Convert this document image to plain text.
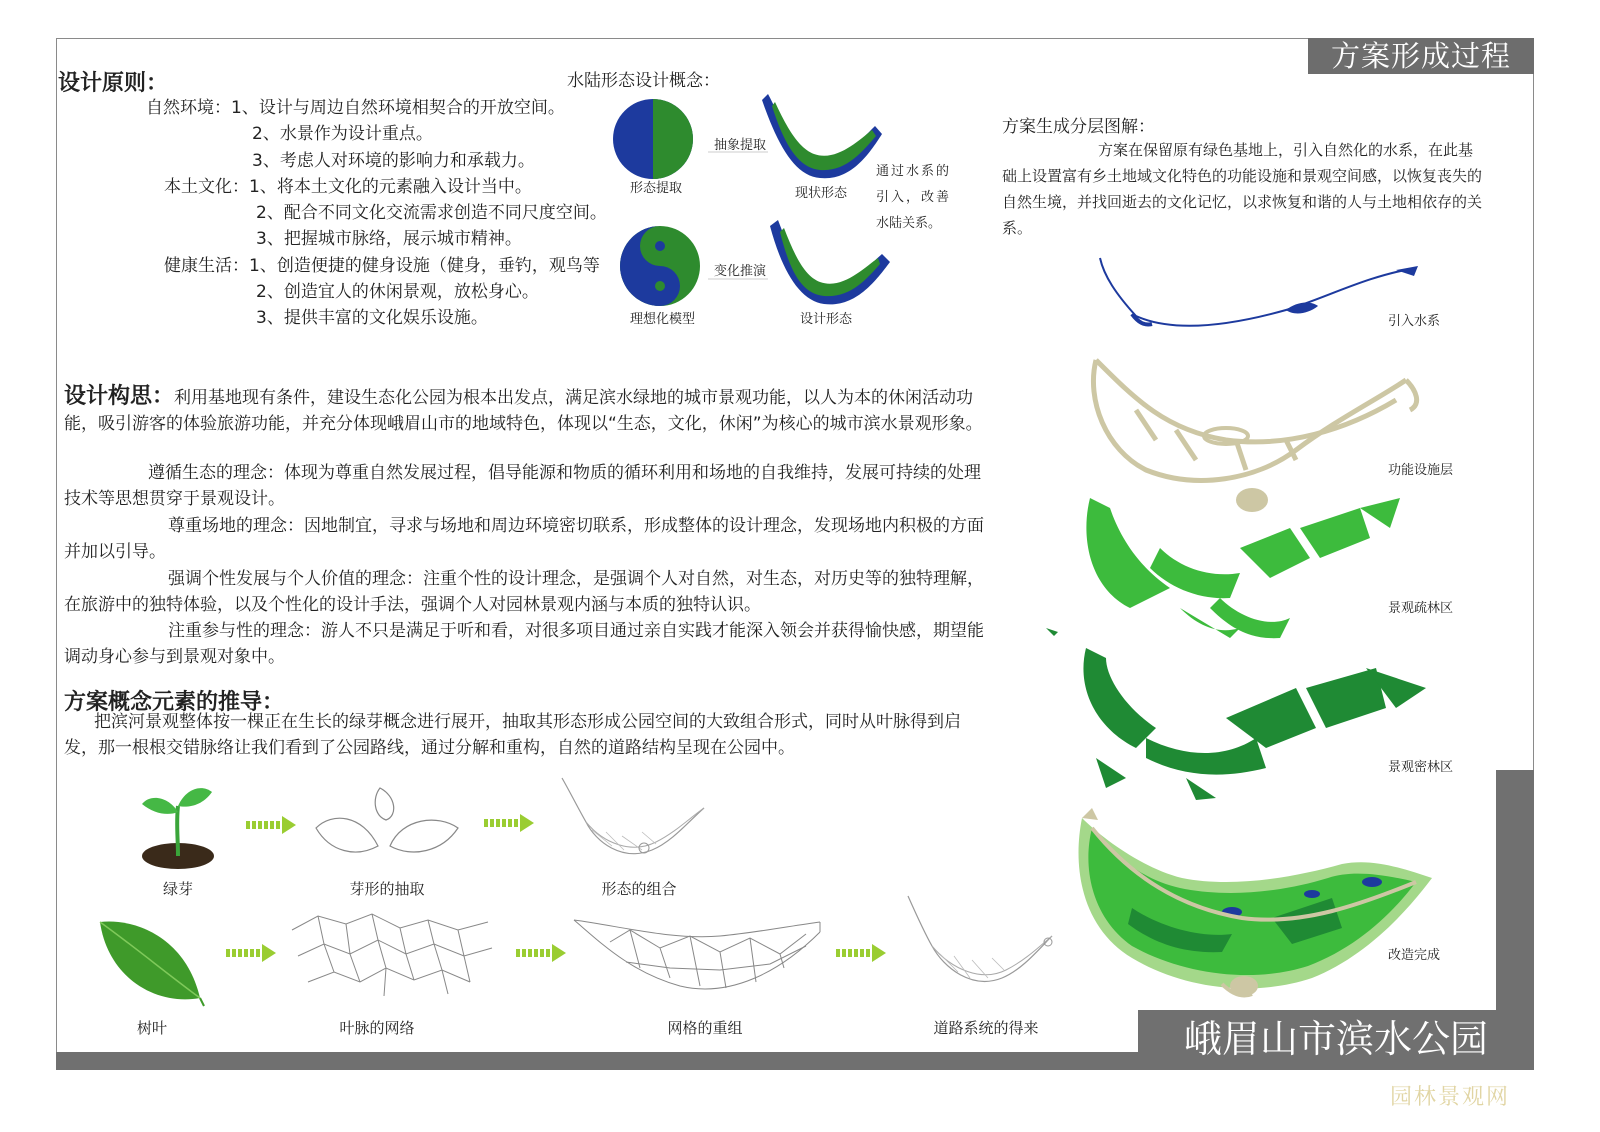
方案形成过程
峨眉山市滨水公园
园林景观网
设计原则：
自然环境：1、设计与周边自然环境相契合的开放空间。
2、水景作为设计重点。
3、考虑人对环境的影响力和承载力。
本土文化：1、将本土文化的元素融入设计当中。
2、配合不同文化交流需求创造不同尺度空间。
3、把握城市脉络，展示城市精神。
健康生活：1、创造便捷的健身设施（健身，垂钓，观鸟等
2、创造宜人的休闲景观，放松身心。
3、提供丰富的文化娱乐设施。
水陆形态设计概念：
抽象提取
形态提取	现状形态
变化推演
理想化模型	设计形态
通过水系的
引入，改善
水陆关系。
设计构思：利用基地现有条件，建设生态化公园为根本出发点，满足滨水绿地的城市景观功能，以人为本的休闲活动功能，吸引游客的体验旅游功能，并充分体现峨眉山市的地域特色，体现以“生态，文化，休闲”为核心的城市滨水景观形象。
遵循生态的理念：体现为尊重自然发展过程，倡导能源和物质的循环利用和场地的自我维持，发展可持续的处理技术等思想贯穿于景观设计。
尊重场地的理念：因地制宜，寻求与场地和周边环境密切联系，形成整体的设计理念，发现场地内积极的方面并加以引导。
强调个性发展与个人价值的理念：注重个性的设计理念，是强调个人对自然，对生态，对历史等的独特理解，在旅游中的独特体验，以及个性化的设计手法，强调个人对园林景观内涵与本质的独特认识。
注重参与性的理念：游人不只是满足于听和看，对很多项目通过亲自实践才能深入领会并获得愉快感，期望能调动身心参与到景观对象中。
方案概念元素的推导：
把滨河景观整体按一棵正在生长的绿芽概念进行展开，抽取其形态形成公园空间的大致组合形式，同时从叶脉得到启发，那一根根交错脉络让我们看到了公园路线，通过分解和重构，自然的道路结构呈现在公园中。
绿芽	芽形的抽取	形态的组合
树叶	叶脉的网络	网格的重组	道路系统的得来
方案生成分层图解：
方案在保留原有绿色基地上，引入自然化的水系，在此基础上设置富有乡土地域文化特色的功能设施和景观空间感，以恢复丧失的自然生境，并找回逝去的文化记忆，以求恢复和谐的人与土地相依存的关系。
引入水系
功能设施层
景观疏林区
景观密林区
改造完成
